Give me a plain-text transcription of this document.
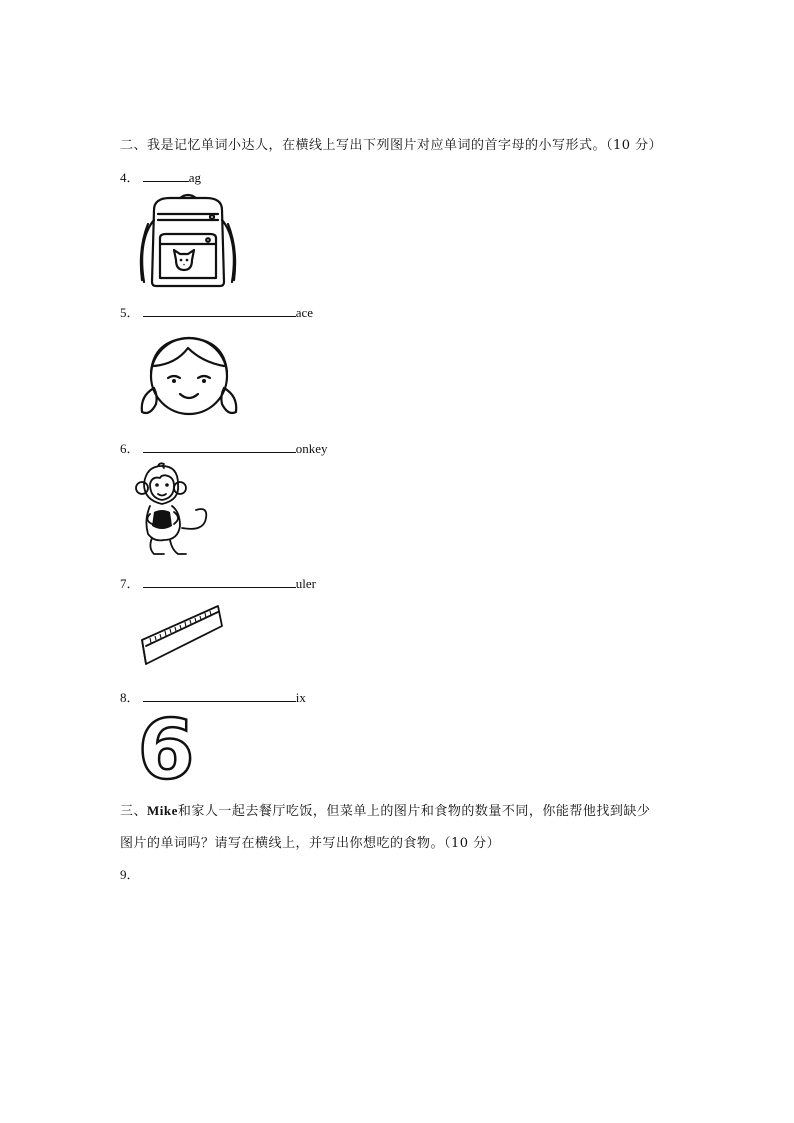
二、我是记忆单词小达人，在横线上写出下列图片对应单词的首字母的小写形式。（10 分）
4．	ag
5．	ace
6．	onkey
7．	uler
8．	ix
6
三、Mike和家人一起去餐厅吃饭，但菜单上的图片和食物的数量不同，你能帮他找到缺少
图片的单词吗？请写在横线上，并写出你想吃的食物。（10 分）
9．
